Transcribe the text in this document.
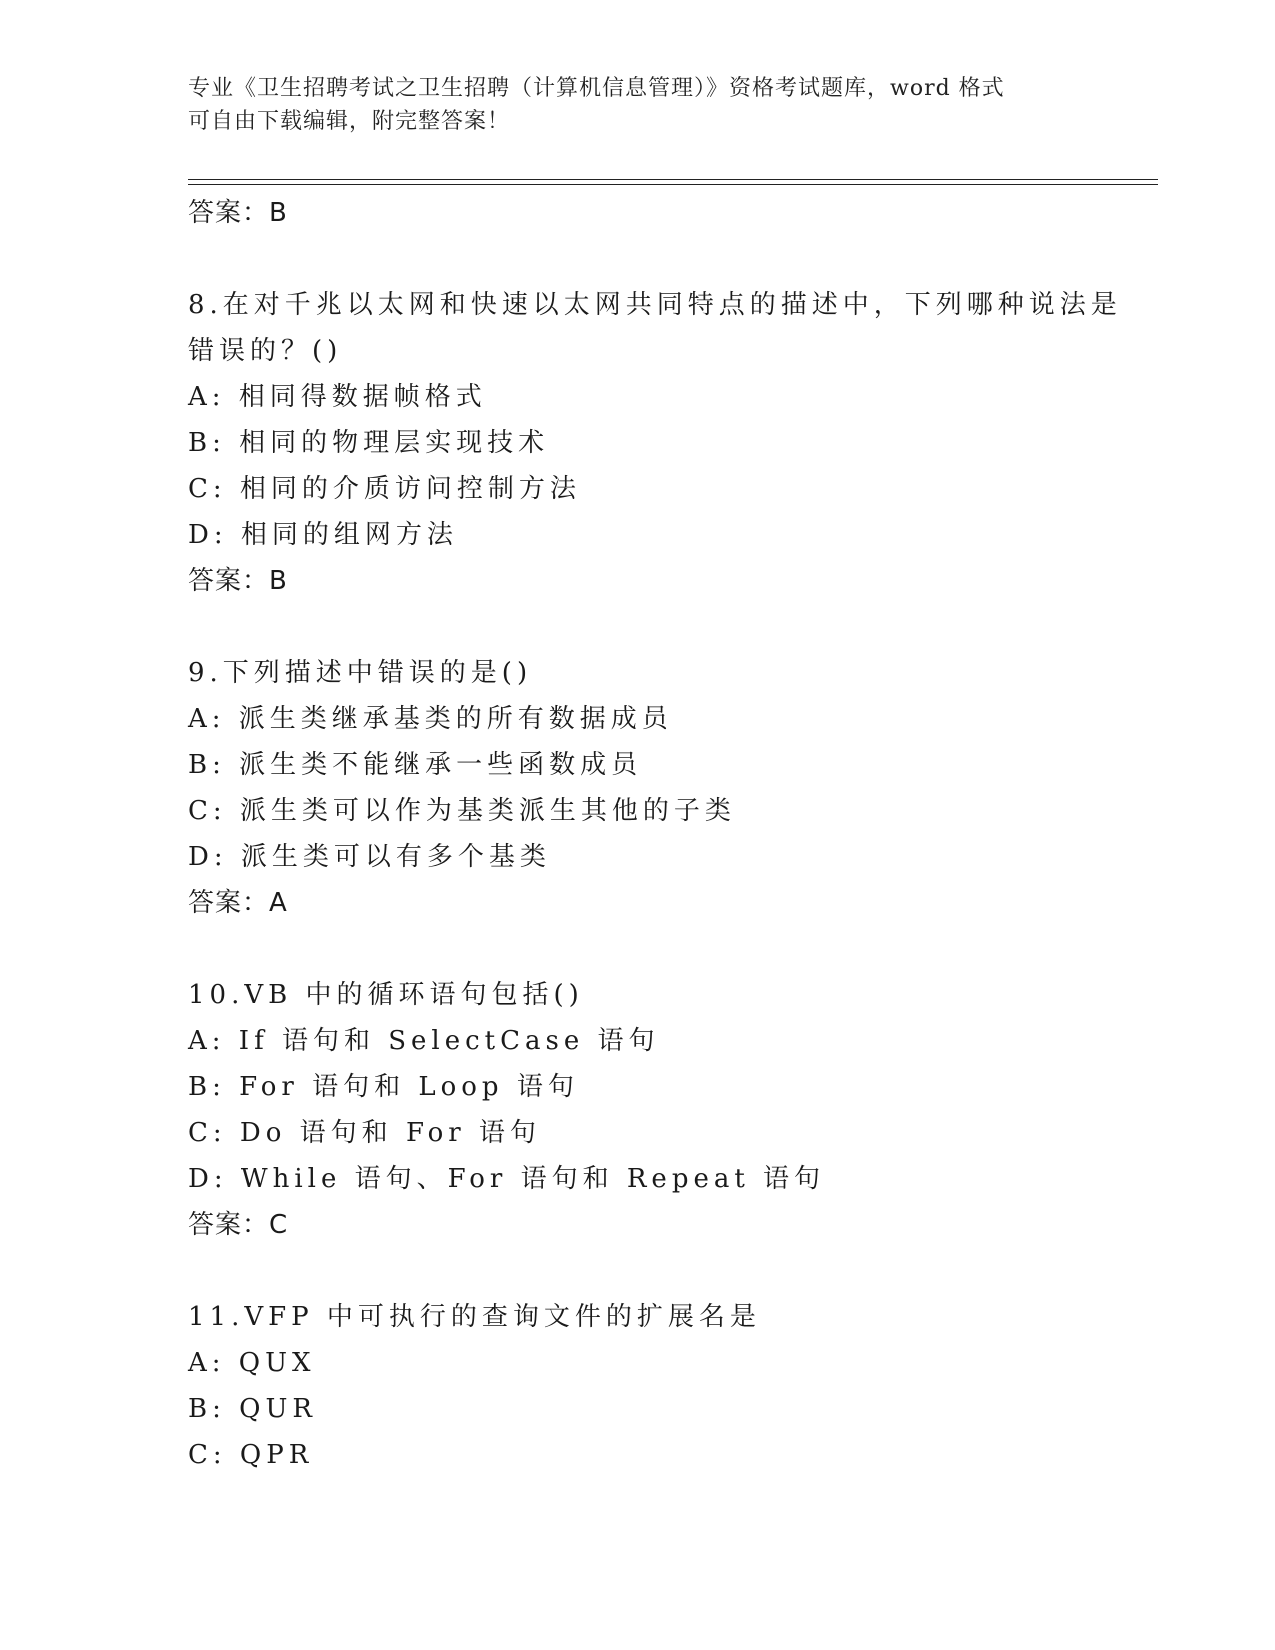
专业《卫生招聘考试之卫生招聘（计算机信息管理）》资格考试题库，word 格式
可自由下载编辑，附完整答案！

答案：B

8.在对千兆以太网和快速以太网共同特点的描述中，下列哪种说法是

错误的？()

A: 相同得数据帧格式

B: 相同的物理层实现技术

C: 相同的介质访问控制方法

D: 相同的组网方法

答案：B

9.下列描述中错误的是()

A: 派生类继承基类的所有数据成员

B: 派生类不能继承一些函数成员

C: 派生类可以作为基类派生其他的子类

D: 派生类可以有多个基类

答案：A

10.VB 中的循环语句包括()

A: If 语句和 SelectCase 语句

B: For 语句和 Loop 语句

C: Do 语句和 For 语句

D: While 语句、For 语句和 Repeat 语句

答案：C

11.VFP 中可执行的查询文件的扩展名是

A: QUX

B: QUR

C: QPR
